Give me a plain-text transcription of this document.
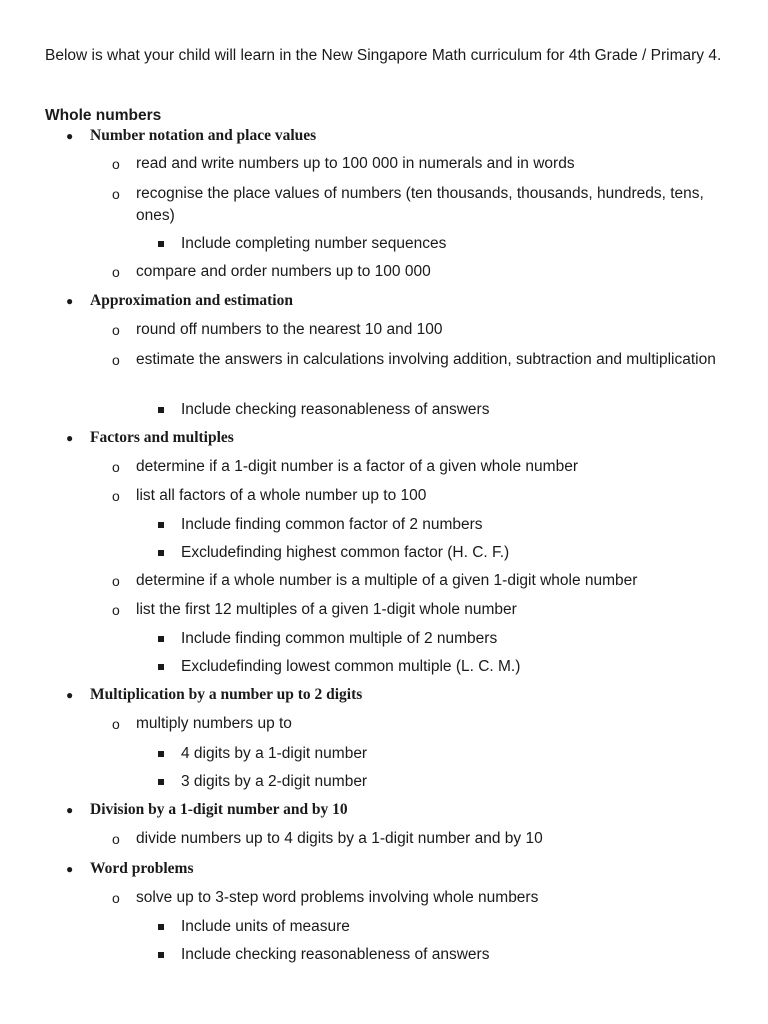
Below is what your child will learn in the New Singapore Math curriculum for 4th Grade / Primary 4.

Whole numbers
● Number notation and place values
o read and write numbers up to 100 000 in numerals and in words
o recognise the place values of numbers (ten thousands, thousands, hundreds, tens, ones)
Include completing number sequences
o compare and order numbers up to 100 000
● Approximation and estimation
o round off numbers to the nearest 10 and 100
o estimate the answers in calculations involving addition, subtraction and multiplication
Include checking reasonableness of answers
● Factors and multiples
o determine if a 1-digit number is a factor of a given whole number
o list all factors of a whole number up to 100
Include finding common factor of 2 numbers
Excludefinding highest common factor (H. C. F.)
o determine if a whole number is a multiple of a given 1-digit whole number
o list the first 12 multiples of a given 1-digit whole number
Include finding common multiple of 2 numbers
Excludefinding lowest common multiple (L. C. M.)
● Multiplication by a number up to 2 digits
o multiply numbers up to
4 digits by a 1-digit number
3 digits by a 2-digit number
● Division by a 1-digit number and by 10
o divide numbers up to 4 digits by a 1-digit number and by 10
● Word problems
o solve up to 3-step word problems involving whole numbers
Include units of measure
Include checking reasonableness of answers
